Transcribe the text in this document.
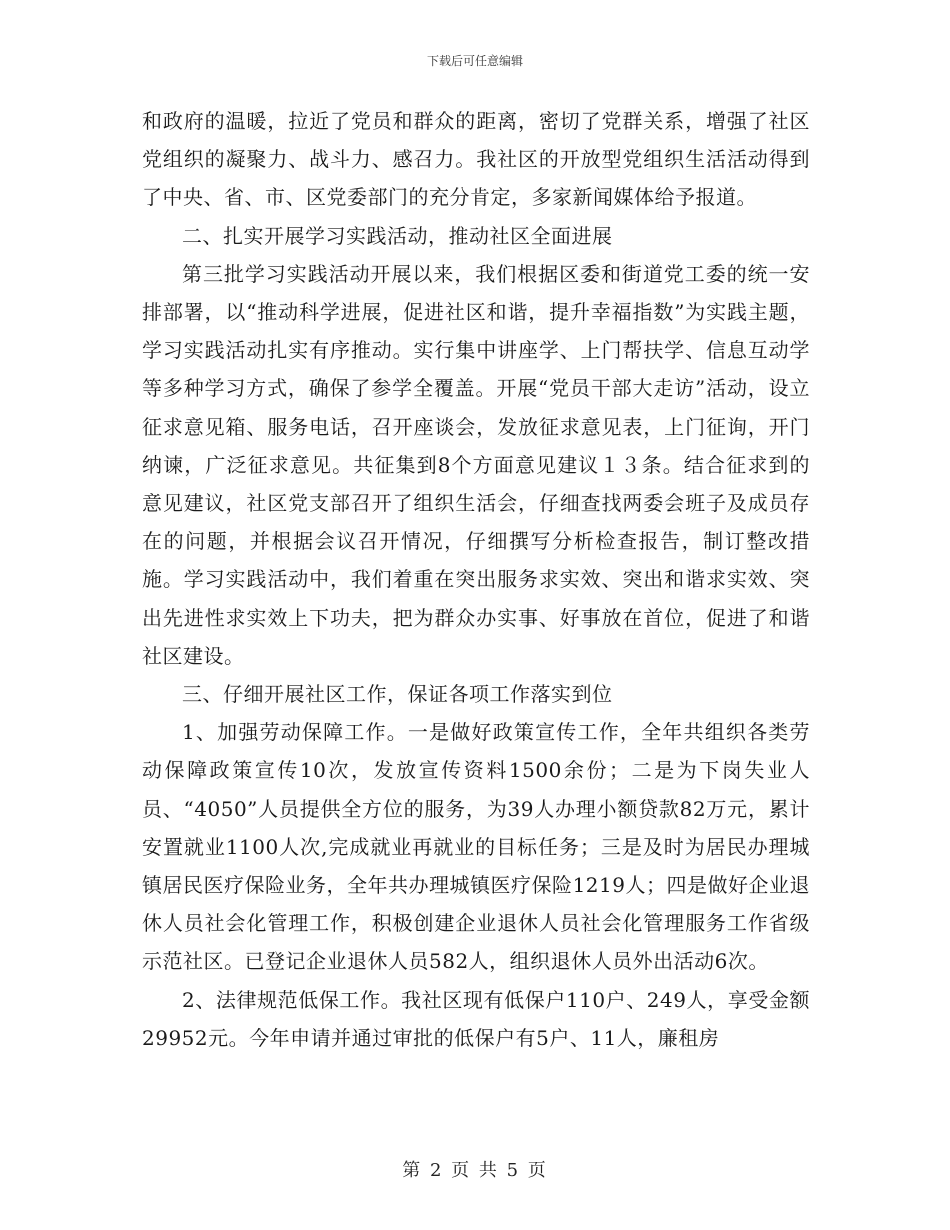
下载后可任意编辑

和政府的温暖，拉近了党员和群众的距离，密切了党群关系，增强了社区党组织的凝聚力、战斗力、感召力。我社区的开放型党组织生活活动得到了中央、省、市、区党委部门的充分肯定，多家新闻媒体给予报道。

二、扎实开展学习实践活动，推动社区全面进展

第三批学习实践活动开展以来，我们根据区委和街道党工委的统一安排部署，以“推动科学进展，促进社区和谐，提升幸福指数”为实践主题，学习实践活动扎实有序推动。实行集中讲座学、上门帮扶学、信息互动学等多种学习方式，确保了参学全覆盖。开展“党员干部大走访”活动，设立征求意见箱、服务电话，召开座谈会，发放征求意见表，上门征询，开门纳谏，广泛征求意见。共征集到8个方面意见建议１３条。结合征求到的意见建议，社区党支部召开了组织生活会，仔细查找两委会班子及成员存在的问题，并根据会议召开情况，仔细撰写分析检查报告，制订整改措施。学习实践活动中，我们着重在突出服务求实效、突出和谐求实效、突出先进性求实效上下功夫，把为群众办实事、好事放在首位，促进了和谐社区建设。

三、仔细开展社区工作，保证各项工作落实到位

1、加强劳动保障工作。一是做好政策宣传工作，全年共组织各类劳动保障政策宣传10次，发放宣传资料1500余份；二是为下岗失业人员、“4050”人员提供全方位的服务，为39人办理小额贷款82万元，累计安置就业1100人次,完成就业再就业的目标任务；三是及时为居民办理城镇居民医疗保险业务，全年共办理城镇医疗保险1219人；四是做好企业退休人员社会化管理工作，积极创建企业退休人员社会化管理服务工作省级示范社区。已登记企业退休人员582人，组织退休人员外出活动6次。

2、法律规范低保工作。我社区现有低保户110户、249人，享受金额29952元。今年申请并通过审批的低保户有5户、11人，廉租房

第 2 页 共 5 页
